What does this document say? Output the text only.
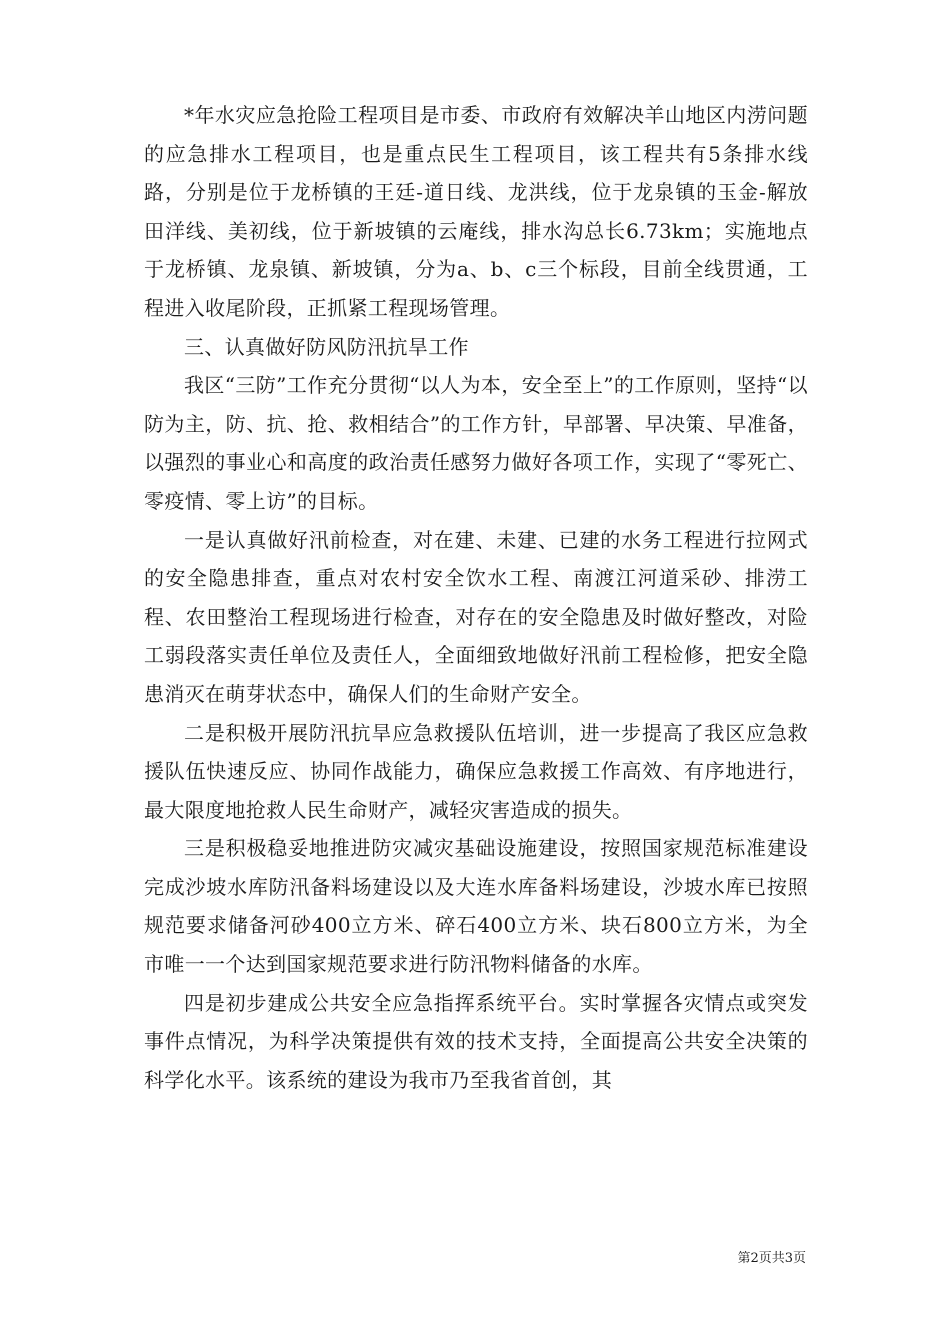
*年水灾应急抢险工程项目是市委、市政府有效解决羊山地区内涝问题的应急排水工程项目，也是重点民生工程项目，该工程共有5条排水线路，分别是位于龙桥镇的王廷-道日线、龙洪线，位于龙泉镇的玉金-解放田洋线、美初线，位于新坡镇的云庵线，排水沟总长6.73km；实施地点于龙桥镇、龙泉镇、新坡镇，分为a、b、c三个标段，目前全线贯通，工程进入收尾阶段，正抓紧工程现场管理。

三、认真做好防风防汛抗旱工作

我区“三防”工作充分贯彻“以人为本，安全至上”的工作原则，坚持“以防为主，防、抗、抢、救相结合”的工作方针，早部署、早决策、早准备，以强烈的事业心和高度的政治责任感努力做好各项工作，实现了“零死亡、零疫情、零上访”的目标。

一是认真做好汛前检查，对在建、未建、已建的水务工程进行拉网式的安全隐患排查，重点对农村安全饮水工程、南渡江河道采砂、排涝工程、农田整治工程现场进行检查，对存在的安全隐患及时做好整改，对险工弱段落实责任单位及责任人，全面细致地做好汛前工程检修，把安全隐患消灭在萌芽状态中，确保人们的生命财产安全。

二是积极开展防汛抗旱应急救援队伍培训，进一步提高了我区应急救援队伍快速反应、协同作战能力，确保应急救援工作高效、有序地进行，最大限度地抢救人民生命财产，减轻灾害造成的损失。

三是积极稳妥地推进防灾减灾基础设施建设，按照国家规范标准建设完成沙坡水库防汛备料场建设以及大连水库备料场建设，沙坡水库已按照规范要求储备河砂400立方米、碎石400立方米、块石800立方米，为全市唯一一个达到国家规范要求进行防汛物料储备的水库。

四是初步建成公共安全应急指挥系统平台。实时掌握各灾情点或突发事件点情况，为科学决策提供有效的技术支持，全面提高公共安全决策的科学化水平。该系统的建设为我市乃至我省首创，其

第2页共3页
